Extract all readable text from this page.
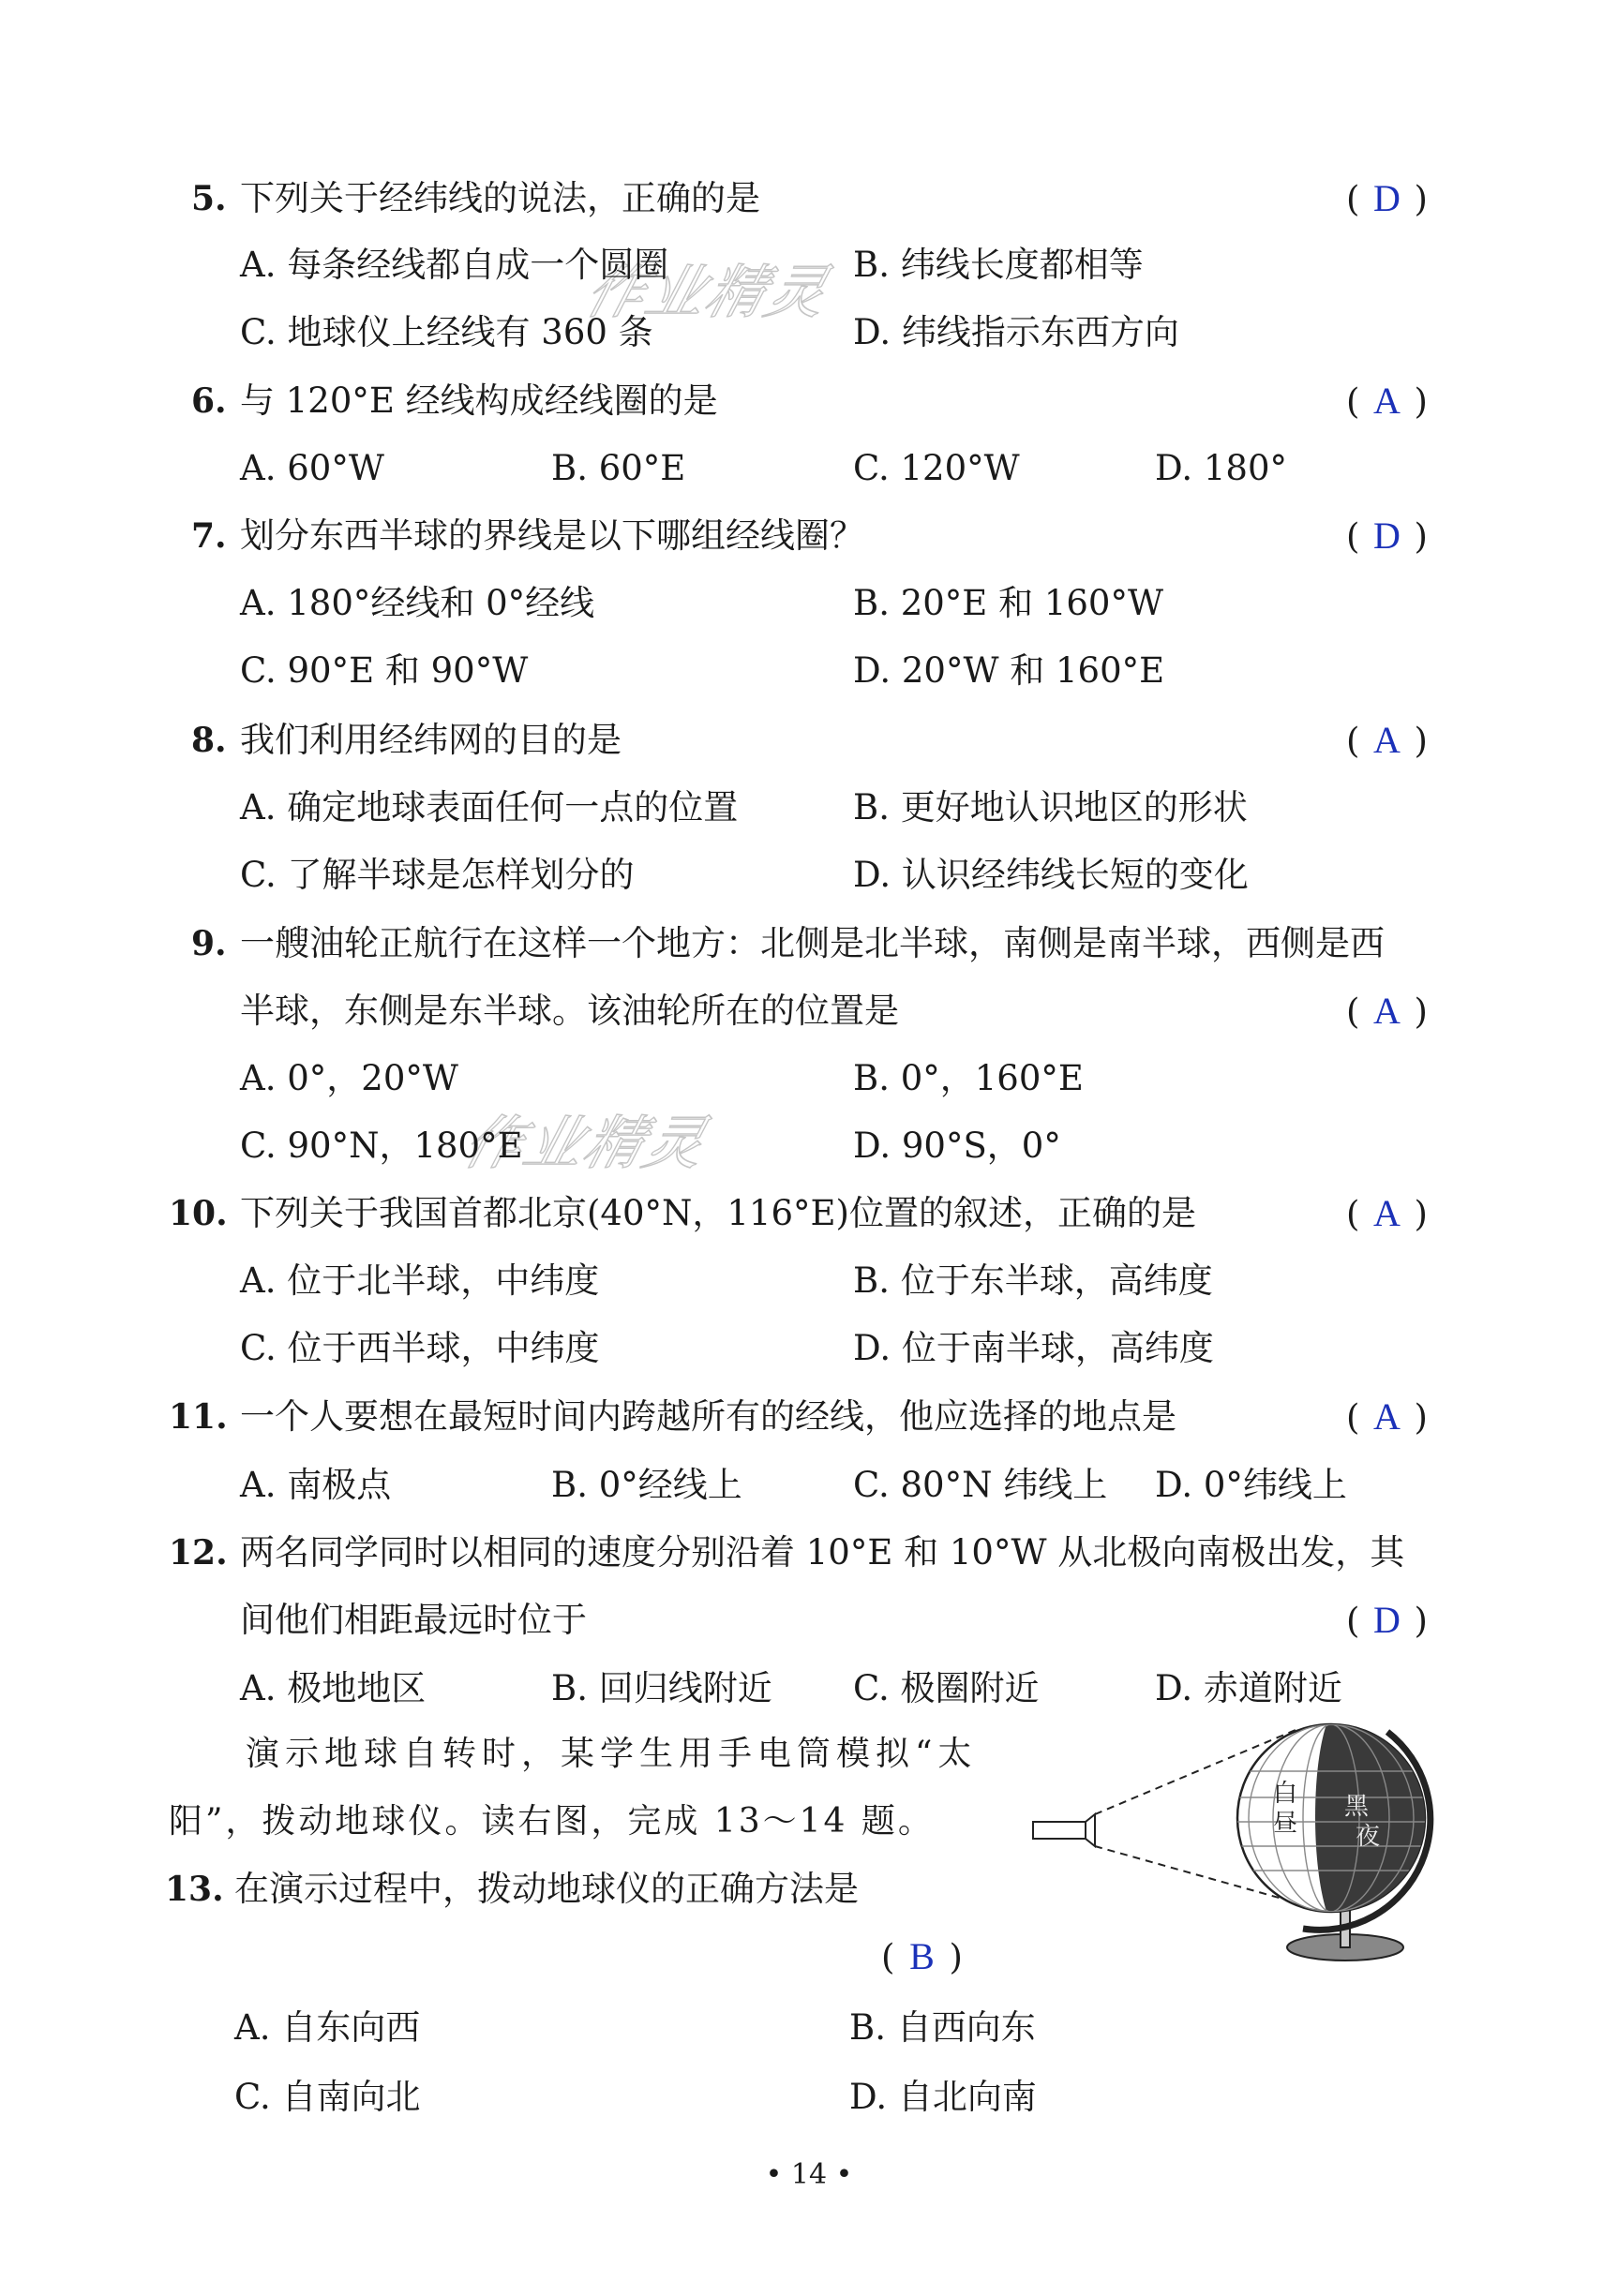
作业精灵
作业精灵
5. 下列关于经纬线的说法，正确的是	( D )
A. 每条经线都自成一个圆圈	B. 纬线长度都相等
C. 地球仪上经线有 360 条	D. 纬线指示东西方向
6. 与 120°E 经线构成经线圈的是	( A )
A. 60°W	B. 60°E	C. 120°W	D. 180°
7. 划分东西半球的界线是以下哪组经线圈？	( D )
A. 180°经线和 0°经线	B. 20°E 和 160°W
C. 90°E 和 90°W	D. 20°W 和 160°E
8. 我们利用经纬网的目的是	( A )
A. 确定地球表面任何一点的位置	B. 更好地认识地区的形状
C. 了解半球是怎样划分的	D. 认识经纬线长短的变化
9. 一艘油轮正航行在这样一个地方：北侧是北半球，南侧是南半球，西侧是西
半球，东侧是东半球。该油轮所在的位置是	( A )
A. 0°，20°W	B. 0°，160°E
C. 90°N，180°E	D. 90°S，0°
10. 下列关于我国首都北京(40°N，116°E)位置的叙述，正确的是	( A )
A. 位于北半球，中纬度	B. 位于东半球，高纬度
C. 位于西半球，中纬度	D. 位于南半球，高纬度
11. 一个人要想在最短时间内跨越所有的经线，他应选择的地点是	( A )
A. 南极点	B. 0°经线上	C. 80°N 纬线上 D. 0°纬线上
12. 两名同学同时以相同的速度分别沿着 10°E 和 10°W 从北极向南极出发，其
间他们相距最远时位于	( D )
A. 极地地区	B. 回归线附近 C. 极圈附近	D. 赤道附近
演示地球自转时，某学生用手电筒模拟“太
阳”，拨动地球仪。读右图，完成 13～14 题。
白
昼
黑
夜
13. 在演示过程中，拨动地球仪的正确方法是
( B )
A. 自东向西	B. 自西向东
C. 自南向北	D. 自北向南
• 14 •
